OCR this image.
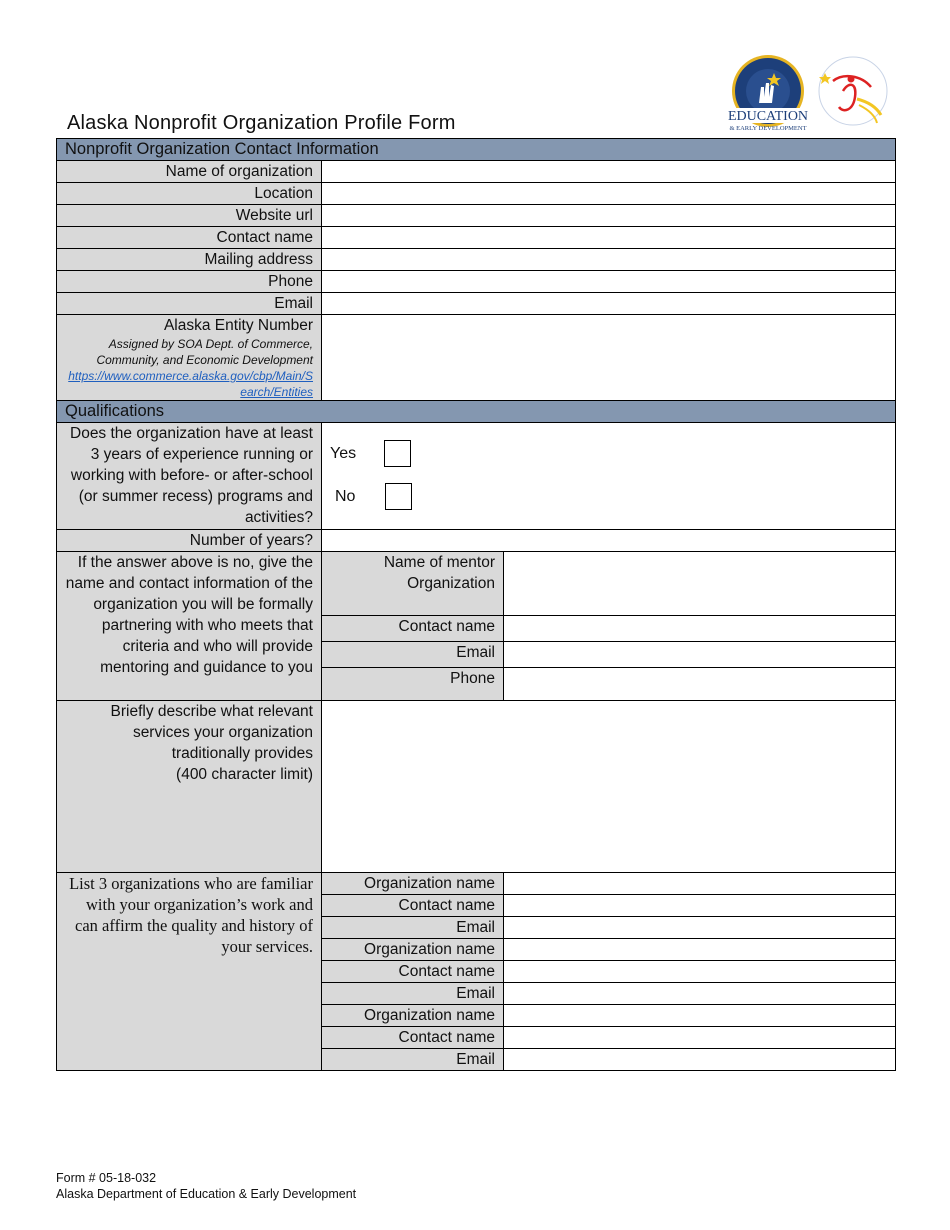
Alaska Nonprofit Organization Profile Form	EDUCATION
& EARLY DEVELOPMENT
Nonprofit Organization Contact Information		
Name of organization		
Location		
Website url		
Contact name		
Mailing address		
Phone		
Email		
Alaska Entity Number
Assigned by SOA Dept. of Commerce, Community, and Economic Development
https://www.commerce.alaska.gov/cbp/Main/Search/Entities		

Qualifications		
Does the organization have at least 3 years of experience running or working with before- or after-school (or summer recess) programs and activities?	Yes
No	

Number of years?		
If the answer above is no, give the name and contact information of the organization you will be formally partnering with who meets that criteria and who will provide mentoring and guidance to you	Name of mentor Organization	
	Contact name	
	Email	
	Phone	
Briefly describe what relevant services your organization traditionally provides
(400 character limit)		
List 3 organizations who are familiar with your organization’s work and can affirm the quality and history of your services.	Organization name	
	Contact name	
	Email	
	Organization name	
	Contact name	
	Email	
	Organization name	
	Contact name	
	Email	
Form # 05-18-032
Alaska Department of Education & Early Development
